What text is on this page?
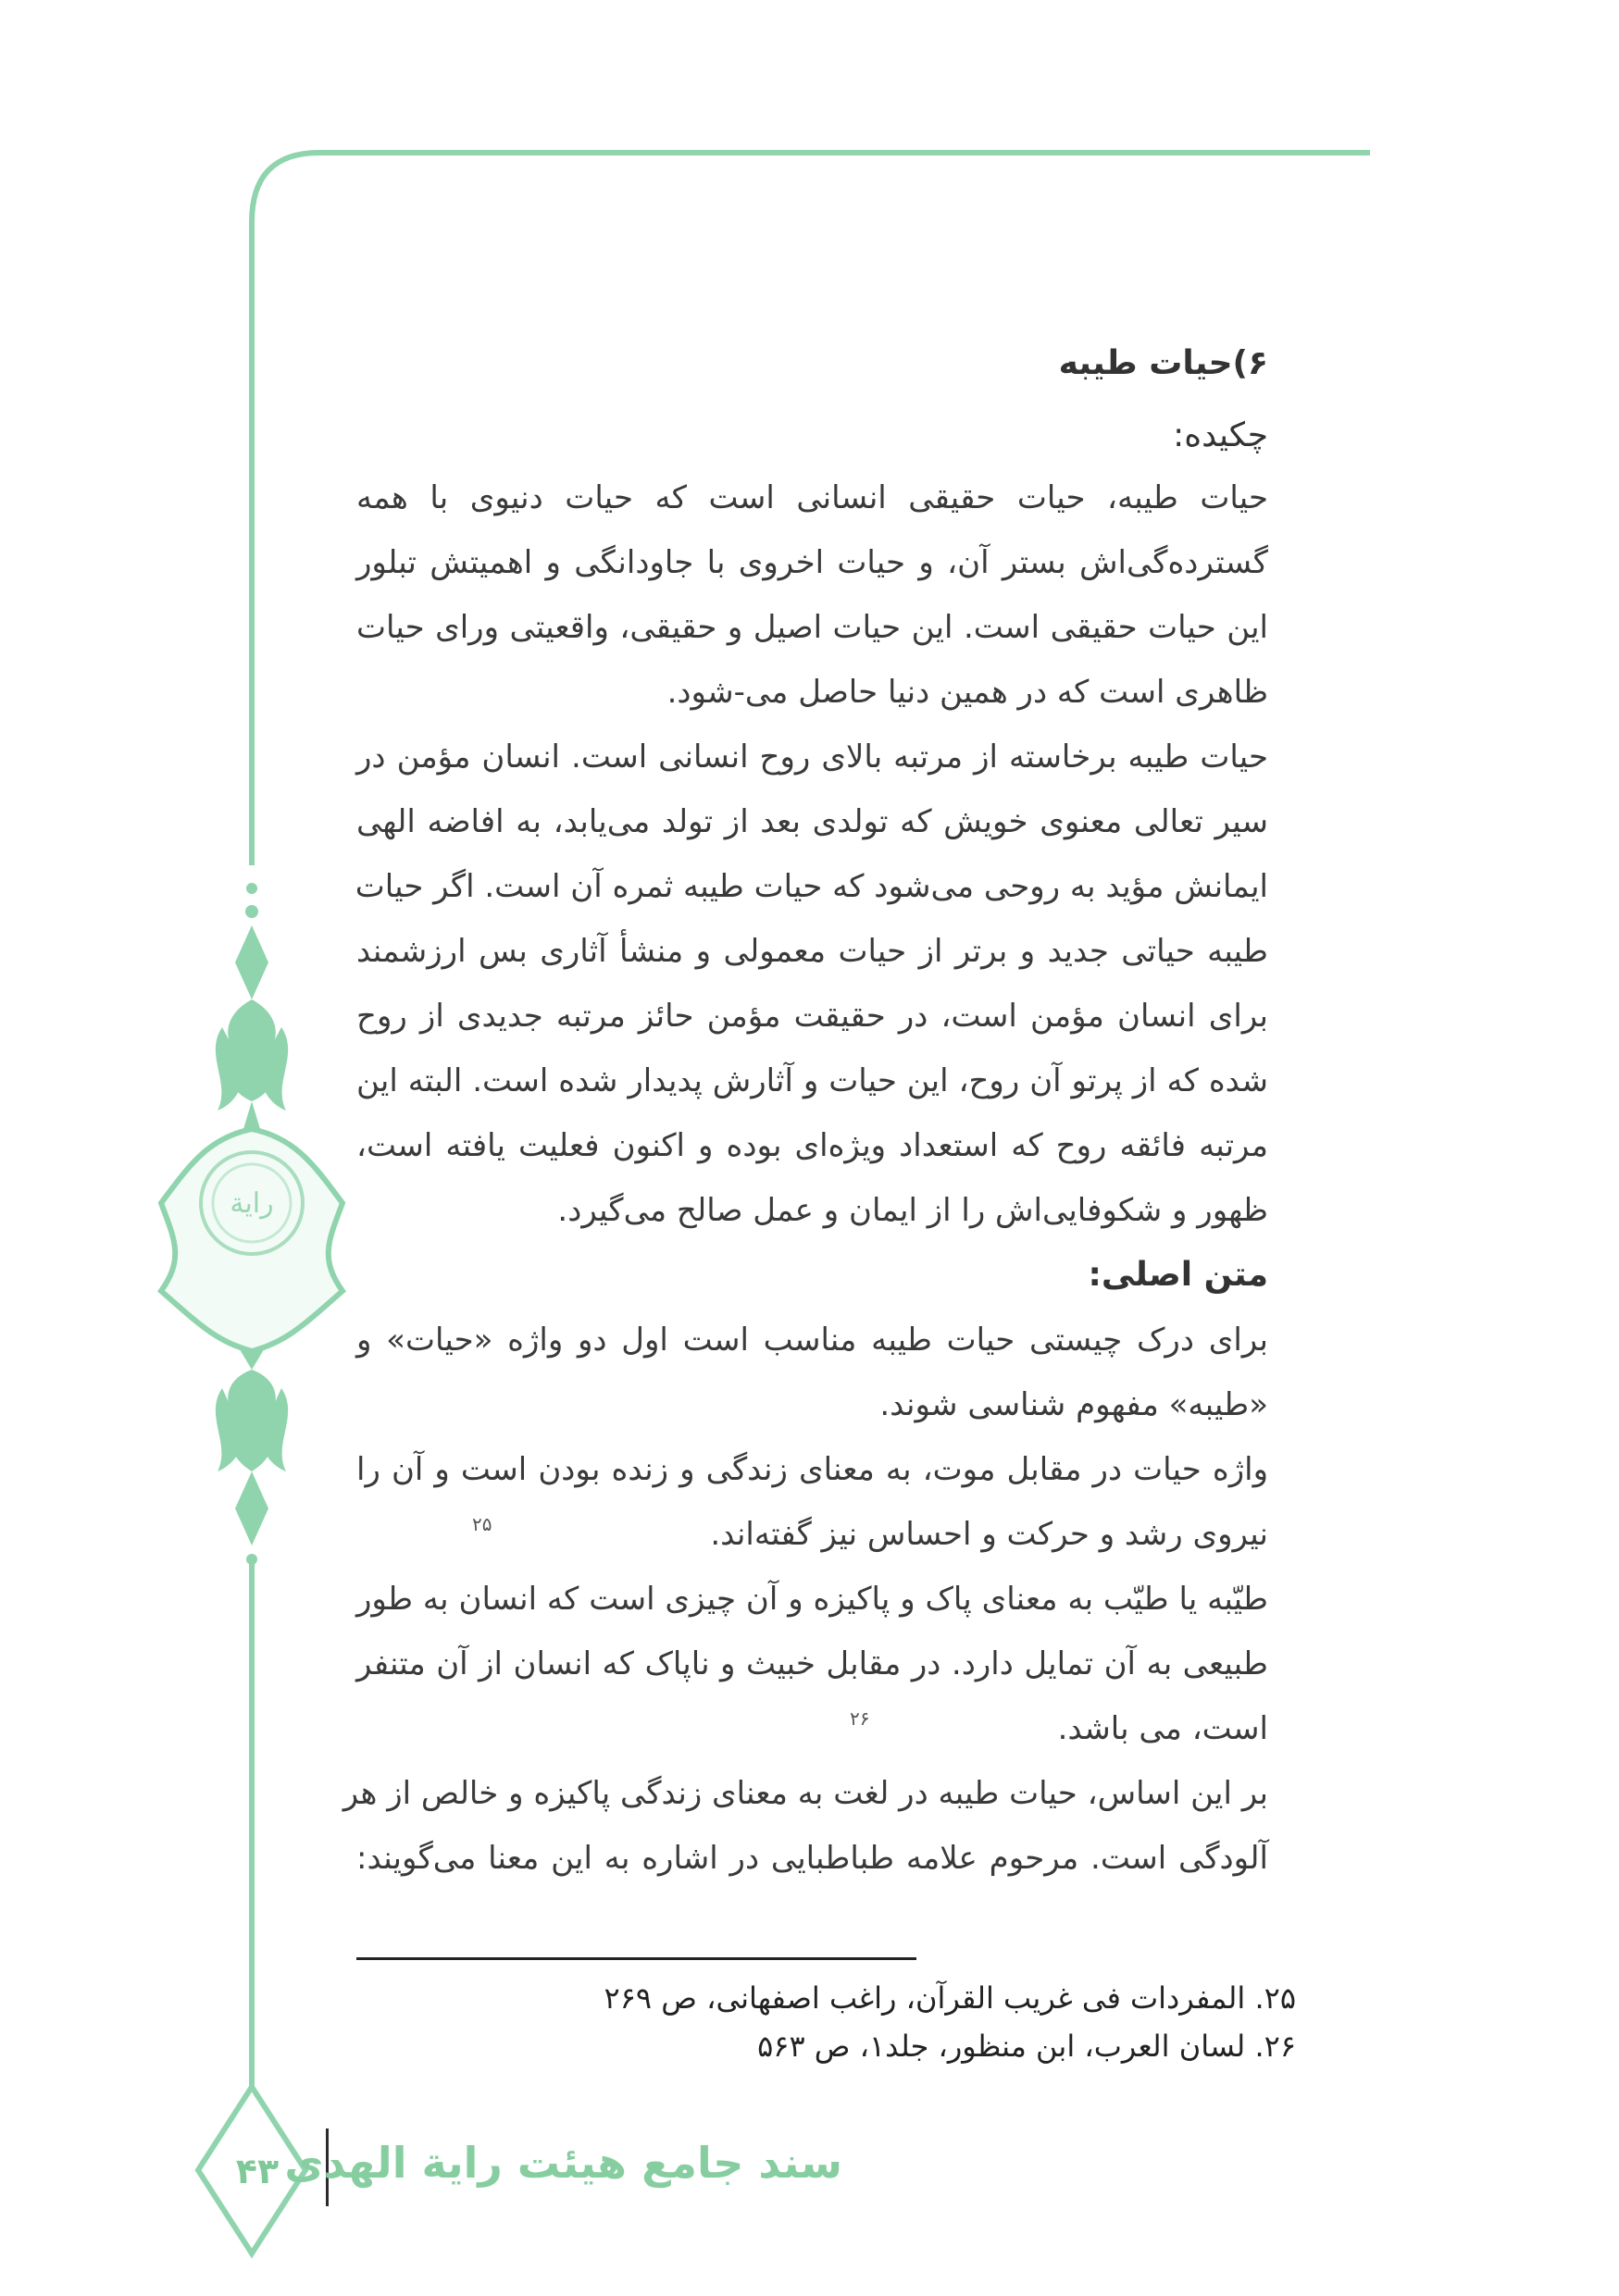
رایة
۶)حیات طیبه
چکیده:
حیات طیبه، حیات حقیقی انسانی است که حیات دنیوی با همه
گسترده‌گی‌اش بستر آن، و حیات اخروی با جاودانگی و اهمیتش تبلور
این حیات حقیقی است. این حیات اصیل و حقیقی، واقعیتی ورای حیات
ظاهری است که در همین دنیا حاصل می-شود.
حیات طیبه برخاسته از مرتبه بالای روح انسانی است. انسان مؤمن در
سیر تعالی معنوی خویش که تولدی بعد از تولد می‌یابد، به افاضه الهی
ایمانش مؤید به روحی می‌شود که حیات طیبه ثمره آن است. اگر حیات
طیبه حیاتی جدید و برتر از حیات معمولی و منشأ آثاری بس ارزشمند
برای انسان مؤمن است، در حقیقت مؤمن حائز مرتبه جدیدی از روح
شده که از پرتو آن روح، این حیات و آثارش پدیدار شده است. البته این
مرتبه فائقه روح که استعداد ویژه‌ای بوده و اکنون فعلیت یافته است،
ظهور و شکوفایی‌اش را از ایمان و عمل صالح می‌گیرد.
متن اصلی:
برای درک چیستی حیات طیبه مناسب است اول دو واژه «حیات» و
«طیبه» مفهوم شناسی شوند.
واژه حیات در مقابل موت، به معنای زندگی و زنده بودن است و آن را
نیروی رشد و حرکت و احساس نیز گفته‌اند.
۲۵
طیّبه یا طیّب به معنای پاک و پاکیزه و آن چیزی است که انسان به طور
طبیعی به آن تمایل دارد. در مقابل خبیث و ناپاک که انسان از آن متنفر
است، می باشد.
۲۶
بر این اساس، حیات طیبه در لغت به معنای زندگی پاکیزه و خالص از هر
آلودگی است. مرحوم علامه طباطبایی در اشاره به این معنا می‌گویند:
۲۵. المفردات فی غریب القرآن، راغب اصفهانی، ص ۲۶۹
۲۶. لسان العرب، ابن منظور، جلد۱، ص ۵۶۳
۴۳ سند جامع هیئت رایة الهدی
